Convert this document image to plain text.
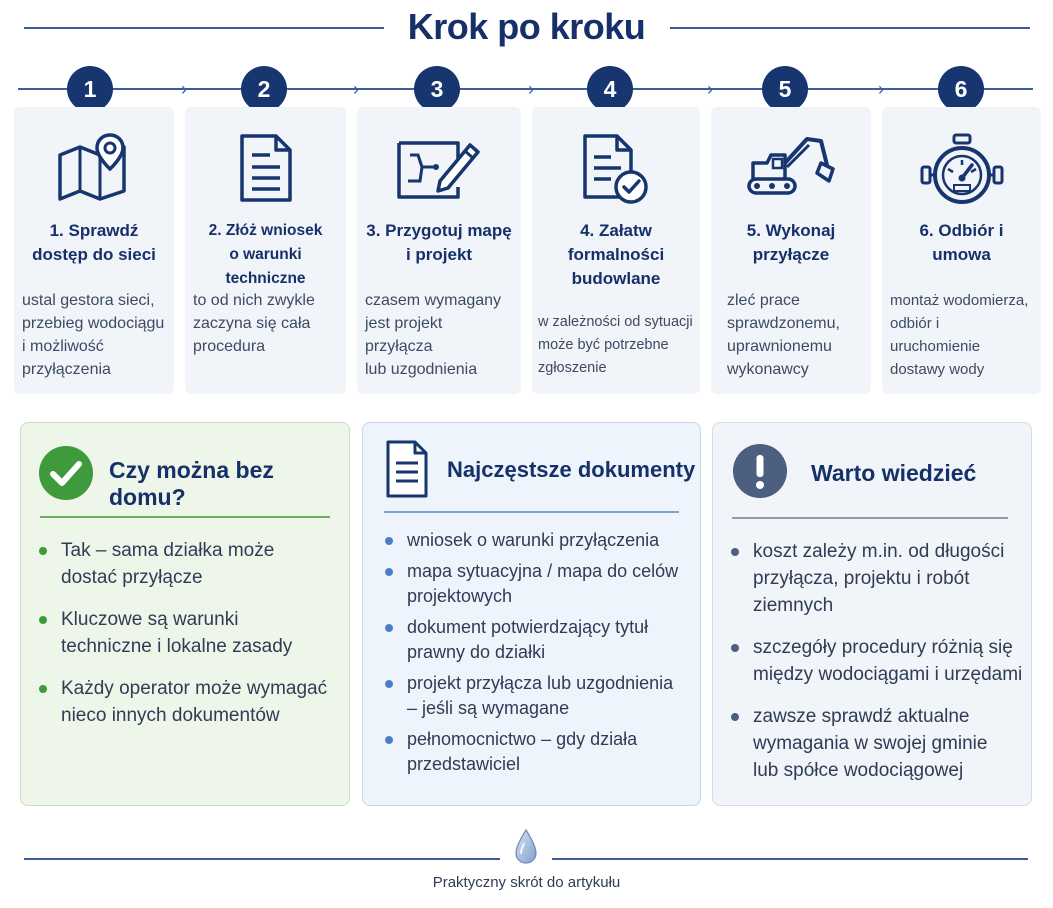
Krok po kroku
1	›	2	›	3	›	4	›	5	›	6
1. Sprawdź
dostęp do sieci
ustal gestora sieci,
przebieg wodociągu
i możliwość
przyłączenia
2. Złóż wniosek
o warunki techniczne
to od nich zwykle
zaczyna się cała
procedura
3. Przygotuj mapę
i projekt
czasem wymagany
jest projekt przyłącza
lub uzgodnienia
4. Załatw
formalności
budowlane
w zależności od sytuacji
może być potrzebne
zgłoszenie
5. Wykonaj
przyłącze
zleć prace
sprawdzonemu,
uprawnionemu
wykonawcy
6. Odbiór i umowa
montaż wodomierza,
odbiór i uruchomienie
dostawy wody
Czy można bez domu?
Tak – sama działka może
dostać przyłącze
Kluczowe są warunki
techniczne i lokalne zasady
Każdy operator może wymagać
nieco innych dokumentów
Najczęstsze dokumenty
wniosek o warunki przyłączenia
mapa sytuacyjna / mapa do celów
projektowych
dokument potwierdzający tytuł
prawny do działki
projekt przyłącza lub uzgodnienia
– jeśli są wymagane
pełnomocnictwo – gdy działa
przedstawiciel
Warto wiedzieć
koszt zależy m.in. od długości
przyłącza, projektu i robót
ziemnych
szczegóły procedury różnią się
między wodociągami i urzędami
zawsze sprawdź aktualne
wymagania w swojej gminie
lub spółce wodociągowej
Praktyczny skrót do artykułu
